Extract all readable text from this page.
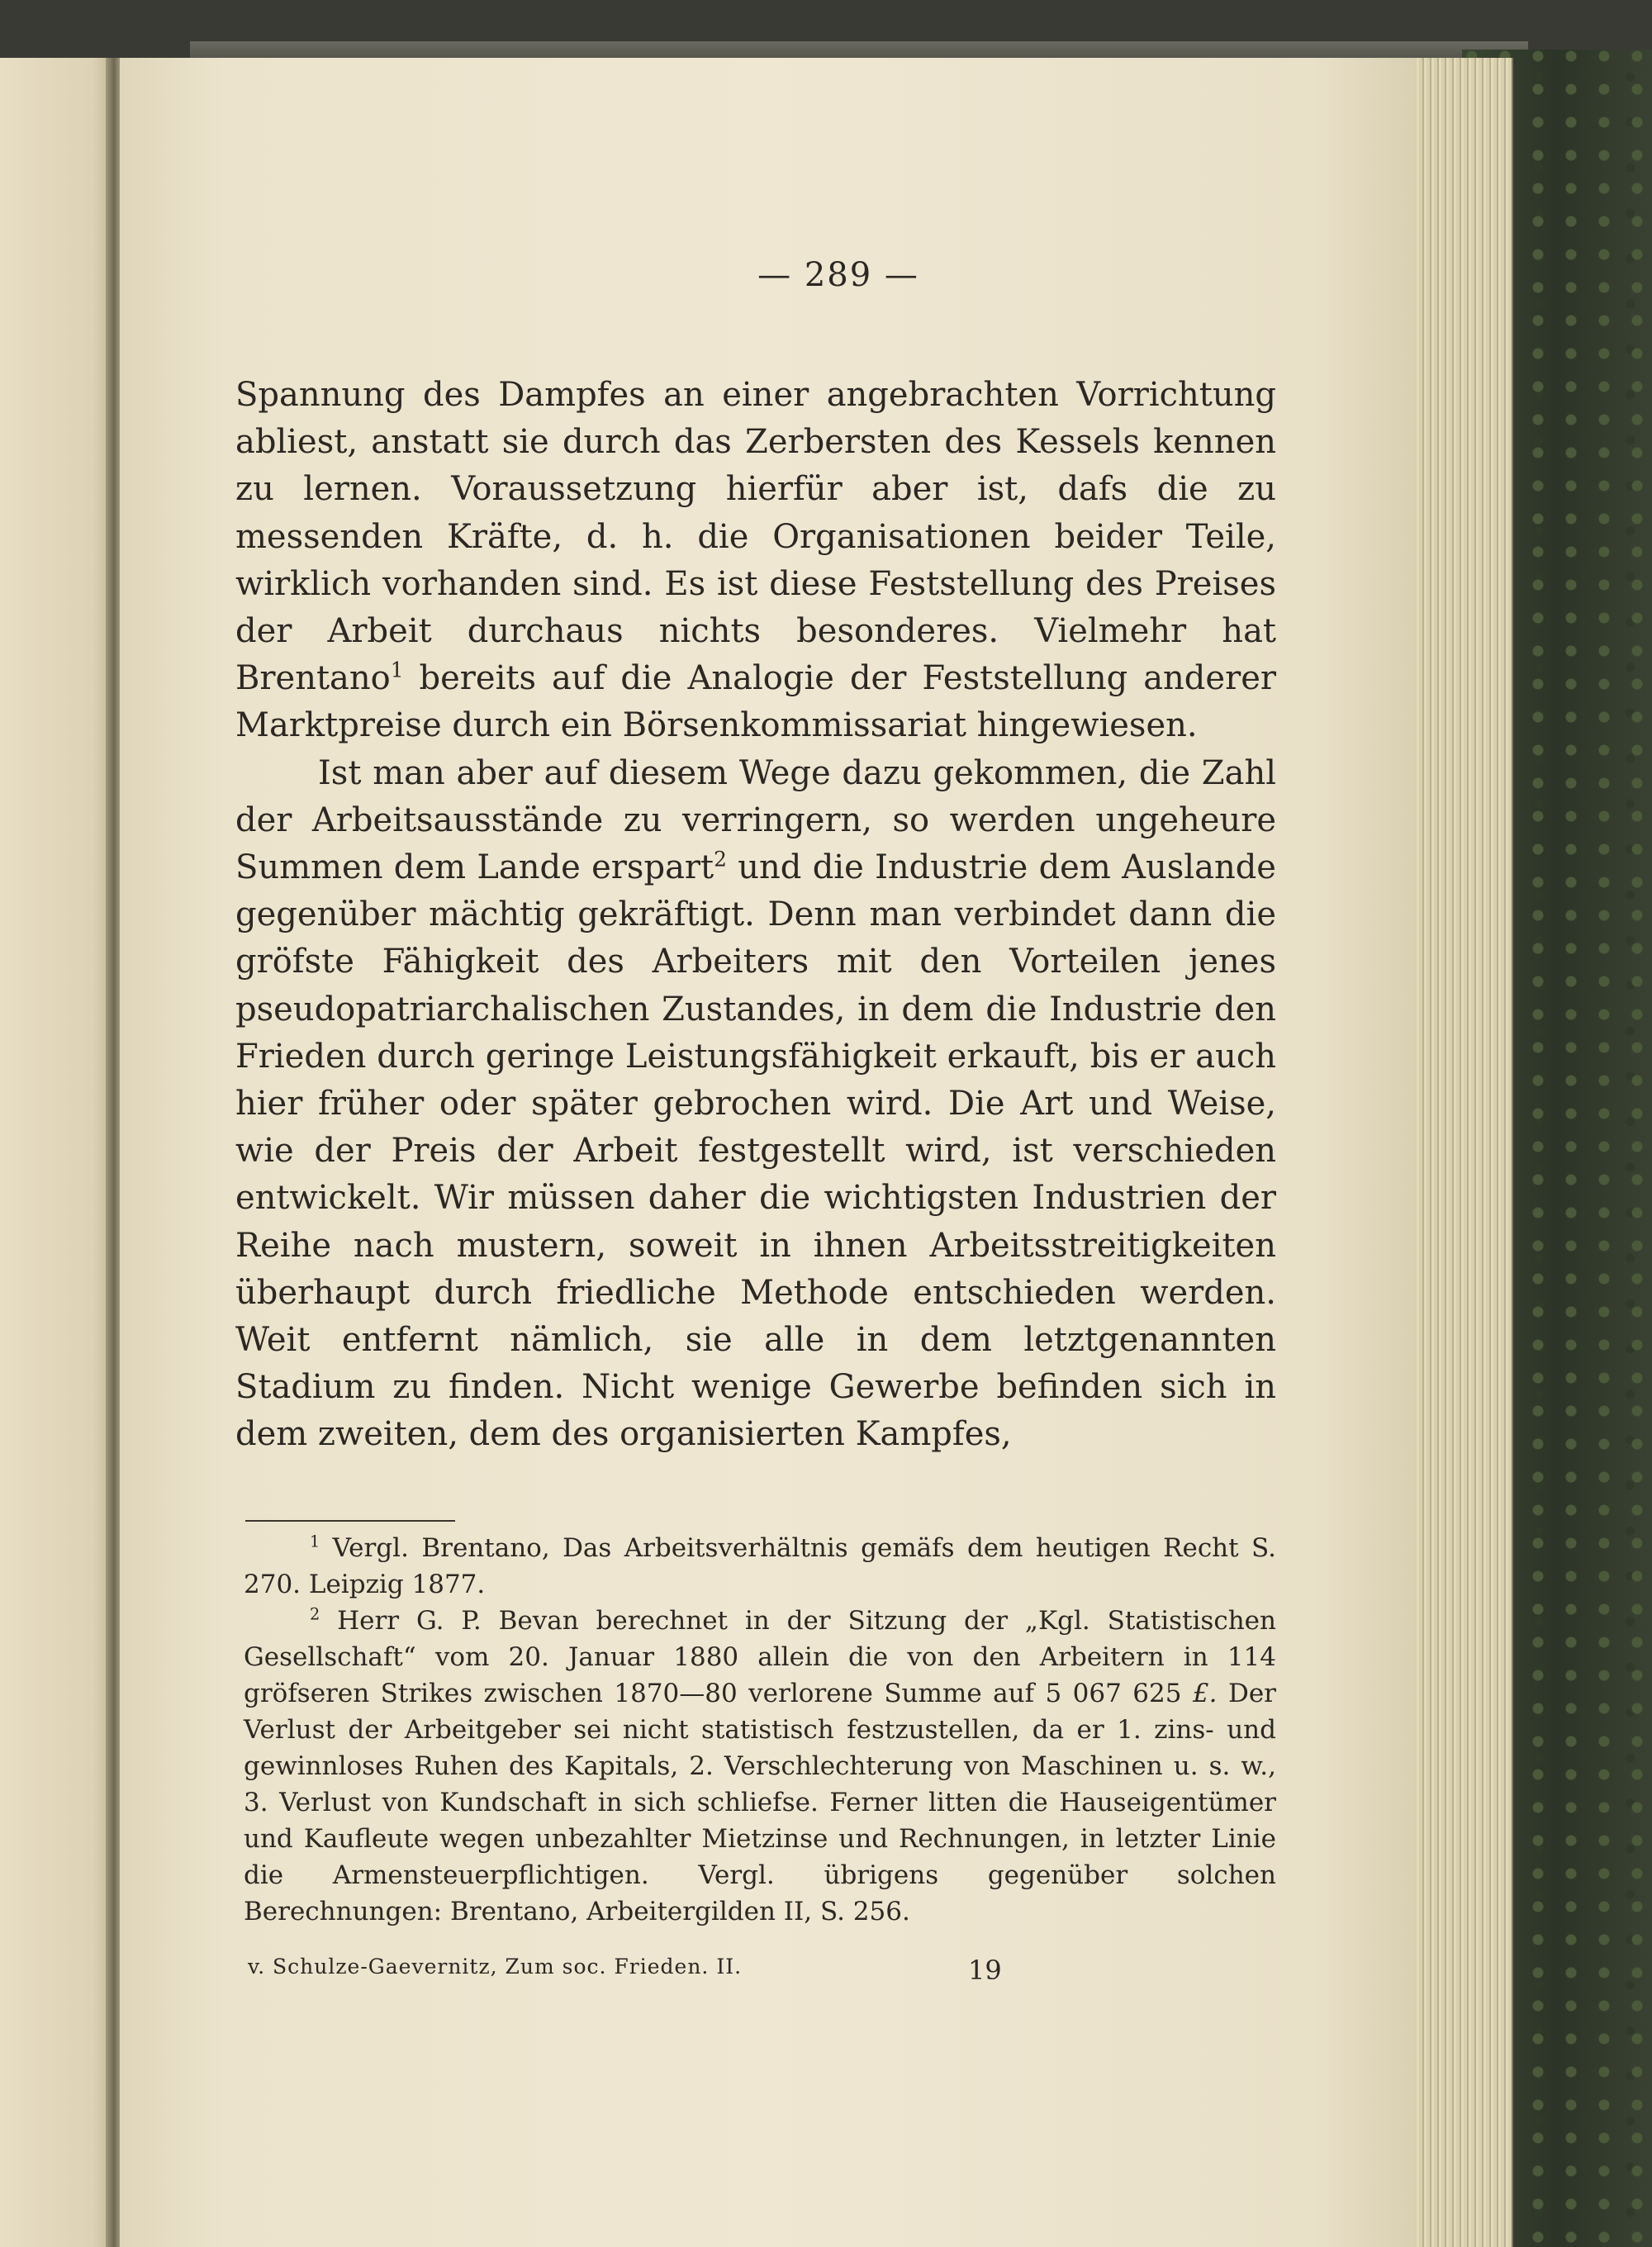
— 289 —

Spannung des Dampfes an einer angebrachten Vorrichtung abliest, anstatt sie durch das Zerbersten des Kessels kennen zu lernen. Voraussetzung hierfür aber ist, dafs die zu messenden Kräfte, d. h. die Organisationen beider Teile, wirklich vorhanden sind. Es ist diese Feststellung des Preises der Arbeit durchaus nichts besonderes. Vielmehr hat Brentano$^1$ bereits auf die Analogie der Feststellung anderer Marktpreise durch ein Börsenkommissariat hingewiesen.

Ist man aber auf diesem Wege dazu gekommen, die Zahl der Arbeitsausstände zu verringern, so werden ungeheure Summen dem Lande erspart$^2$ und die Industrie dem Auslande gegenüber mächtig gekräftigt. Denn man verbindet dann die gröfste Fähigkeit des Arbeiters mit den Vorteilen jenes pseudopatriarchalischen Zustandes, in dem die Industrie den Frieden durch geringe Leistungsfähigkeit erkauft, bis er auch hier früher oder später gebrochen wird. Die Art und Weise, wie der Preis der Arbeit festgestellt wird, ist verschieden entwickelt. Wir müssen daher die wichtigsten Industrien der Reihe nach mustern, soweit in ihnen Arbeitsstreitigkeiten überhaupt durch friedliche Methode entschieden werden. Weit entfernt nämlich, sie alle in dem letztgenannten Stadium zu finden. Nicht wenige Gewerbe befinden sich in dem zweiten, dem des organisierten Kampfes,

$^1$ Vergl. Brentano, Das Arbeitsverhältnis gemäfs dem heutigen Recht S. 270. Leipzig 1877.

$^2$ Herr G. P. Bevan berechnet in der Sitzung der „Kgl. Statistischen Gesellschaft“ vom 20. Januar 1880 allein die von den Arbeitern in 114 gröfseren Strikes zwischen 1870—80 verlorene Summe auf 5 067 625 £. Der Verlust der Arbeitgeber sei nicht statistisch festzustellen, da er 1. zins- und gewinnloses Ruhen des Kapitals, 2. Verschlechterung von Maschinen u. s. w., 3. Verlust von Kundschaft in sich schliefse. Ferner litten die Hauseigentümer und Kaufleute wegen unbezahlter Mietzinse und Rechnungen, in letzter Linie die Armensteuerpflichtigen. Vergl. übrigens gegenüber solchen Berechnungen: Brentano, Arbeitergilden II, S. 256.

v. Schulze-Gaevernitz, Zum soc. Frieden. II.	19
